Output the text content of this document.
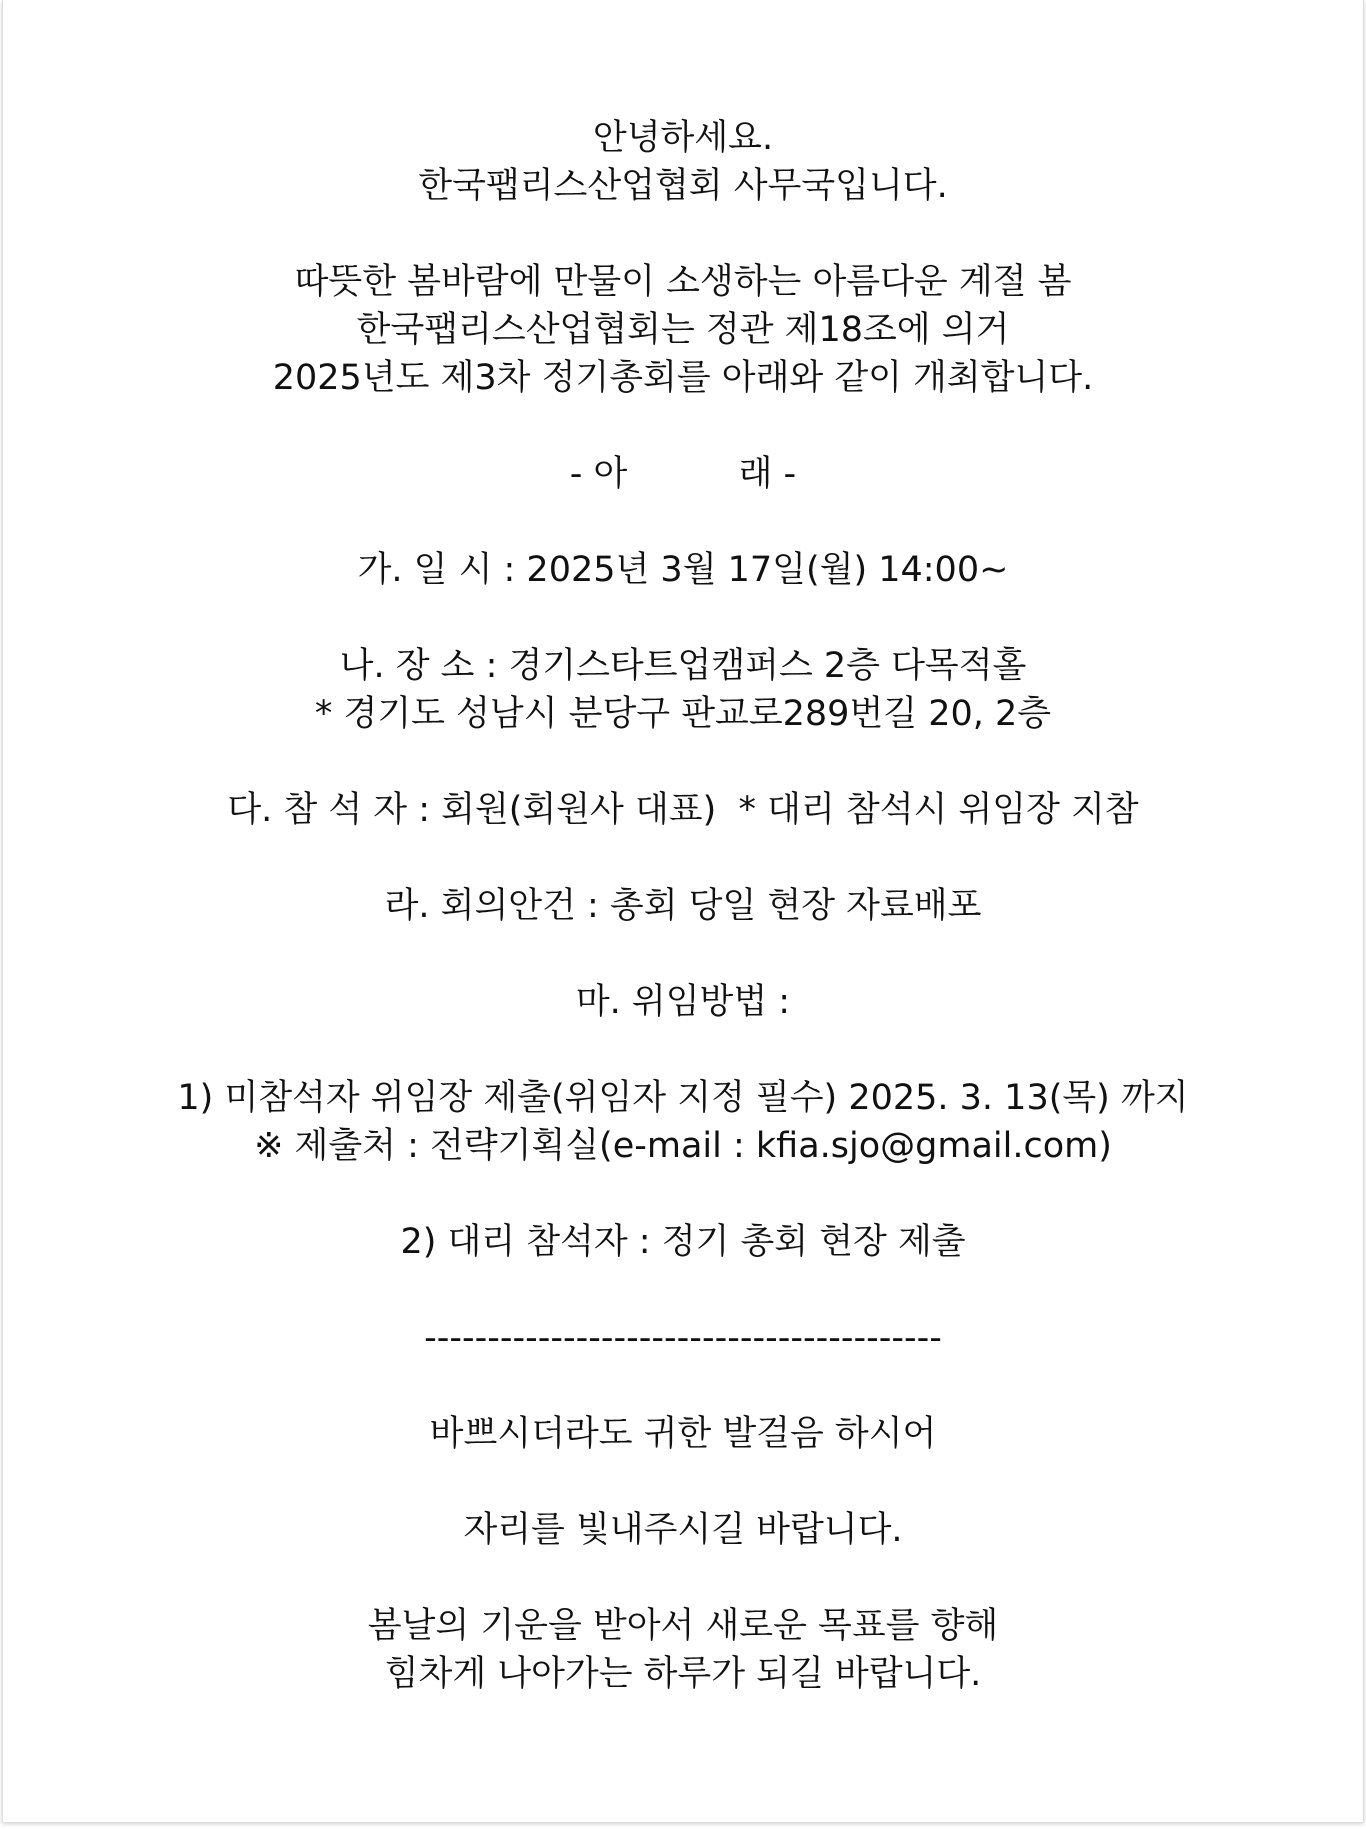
안녕하세요.
한국팹리스산업협회 사무국입니다.
따뜻한 봄바람에 만물이 소생하는 아름다운 계절 봄
한국팹리스산업협회는 정관 제18조에 의거
2025년도 제3차 정기총회를 아래와 같이 개최합니다.
- 아          래 -
가. 일 시 : 2025년 3월 17일(월) 14:00~
나. 장 소 : 경기스타트업캠퍼스 2층 다목적홀
* 경기도 성남시 분당구 판교로289번길 20, 2층
다. 참 석 자 : 회원(회원사 대표)  * 대리 참석시 위임장 지참
라. 회의안건 : 총회 당일 현장 자료배포
마. 위임방법 :
1) 미참석자 위임장 제출(위임자 지정 필수) 2025. 3. 13(목) 까지
※ 제출처 : 전략기획실(e-mail : kfia.sjo@gmail.com)
2) 대리 참석자 : 정기 총회 현장 제출
-----------------------------------------
바쁘시더라도 귀한 발걸음 하시어
자리를 빛내주시길 바랍니다.
봄날의 기운을 받아서 새로운 목표를 향해
힘차게 나아가는 하루가 되길 바랍니다.
